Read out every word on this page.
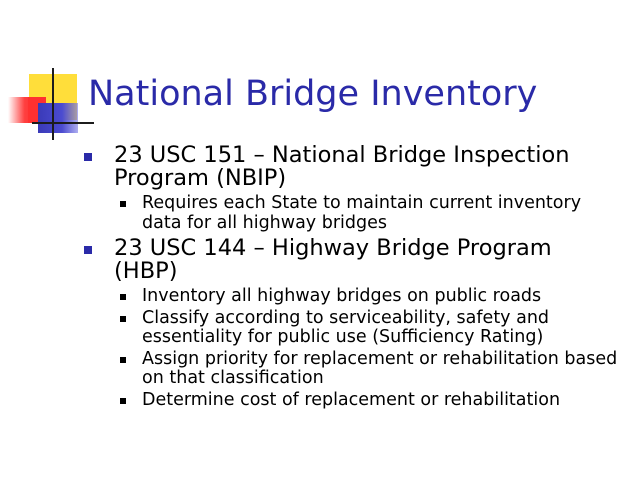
National Bridge Inventory
23 USC 151 – National Bridge Inspection Program (NBIP)
Requires each State to maintain current inventory data for all highway bridges
23 USC 144 – Highway Bridge Program (HBP)
Inventory all highway bridges on public roads
Classify according to serviceability, safety and essentiality for public use (Sufficiency Rating)
Assign priority for replacement or rehabilitation based on that classification
Determine cost of replacement or rehabilitation
